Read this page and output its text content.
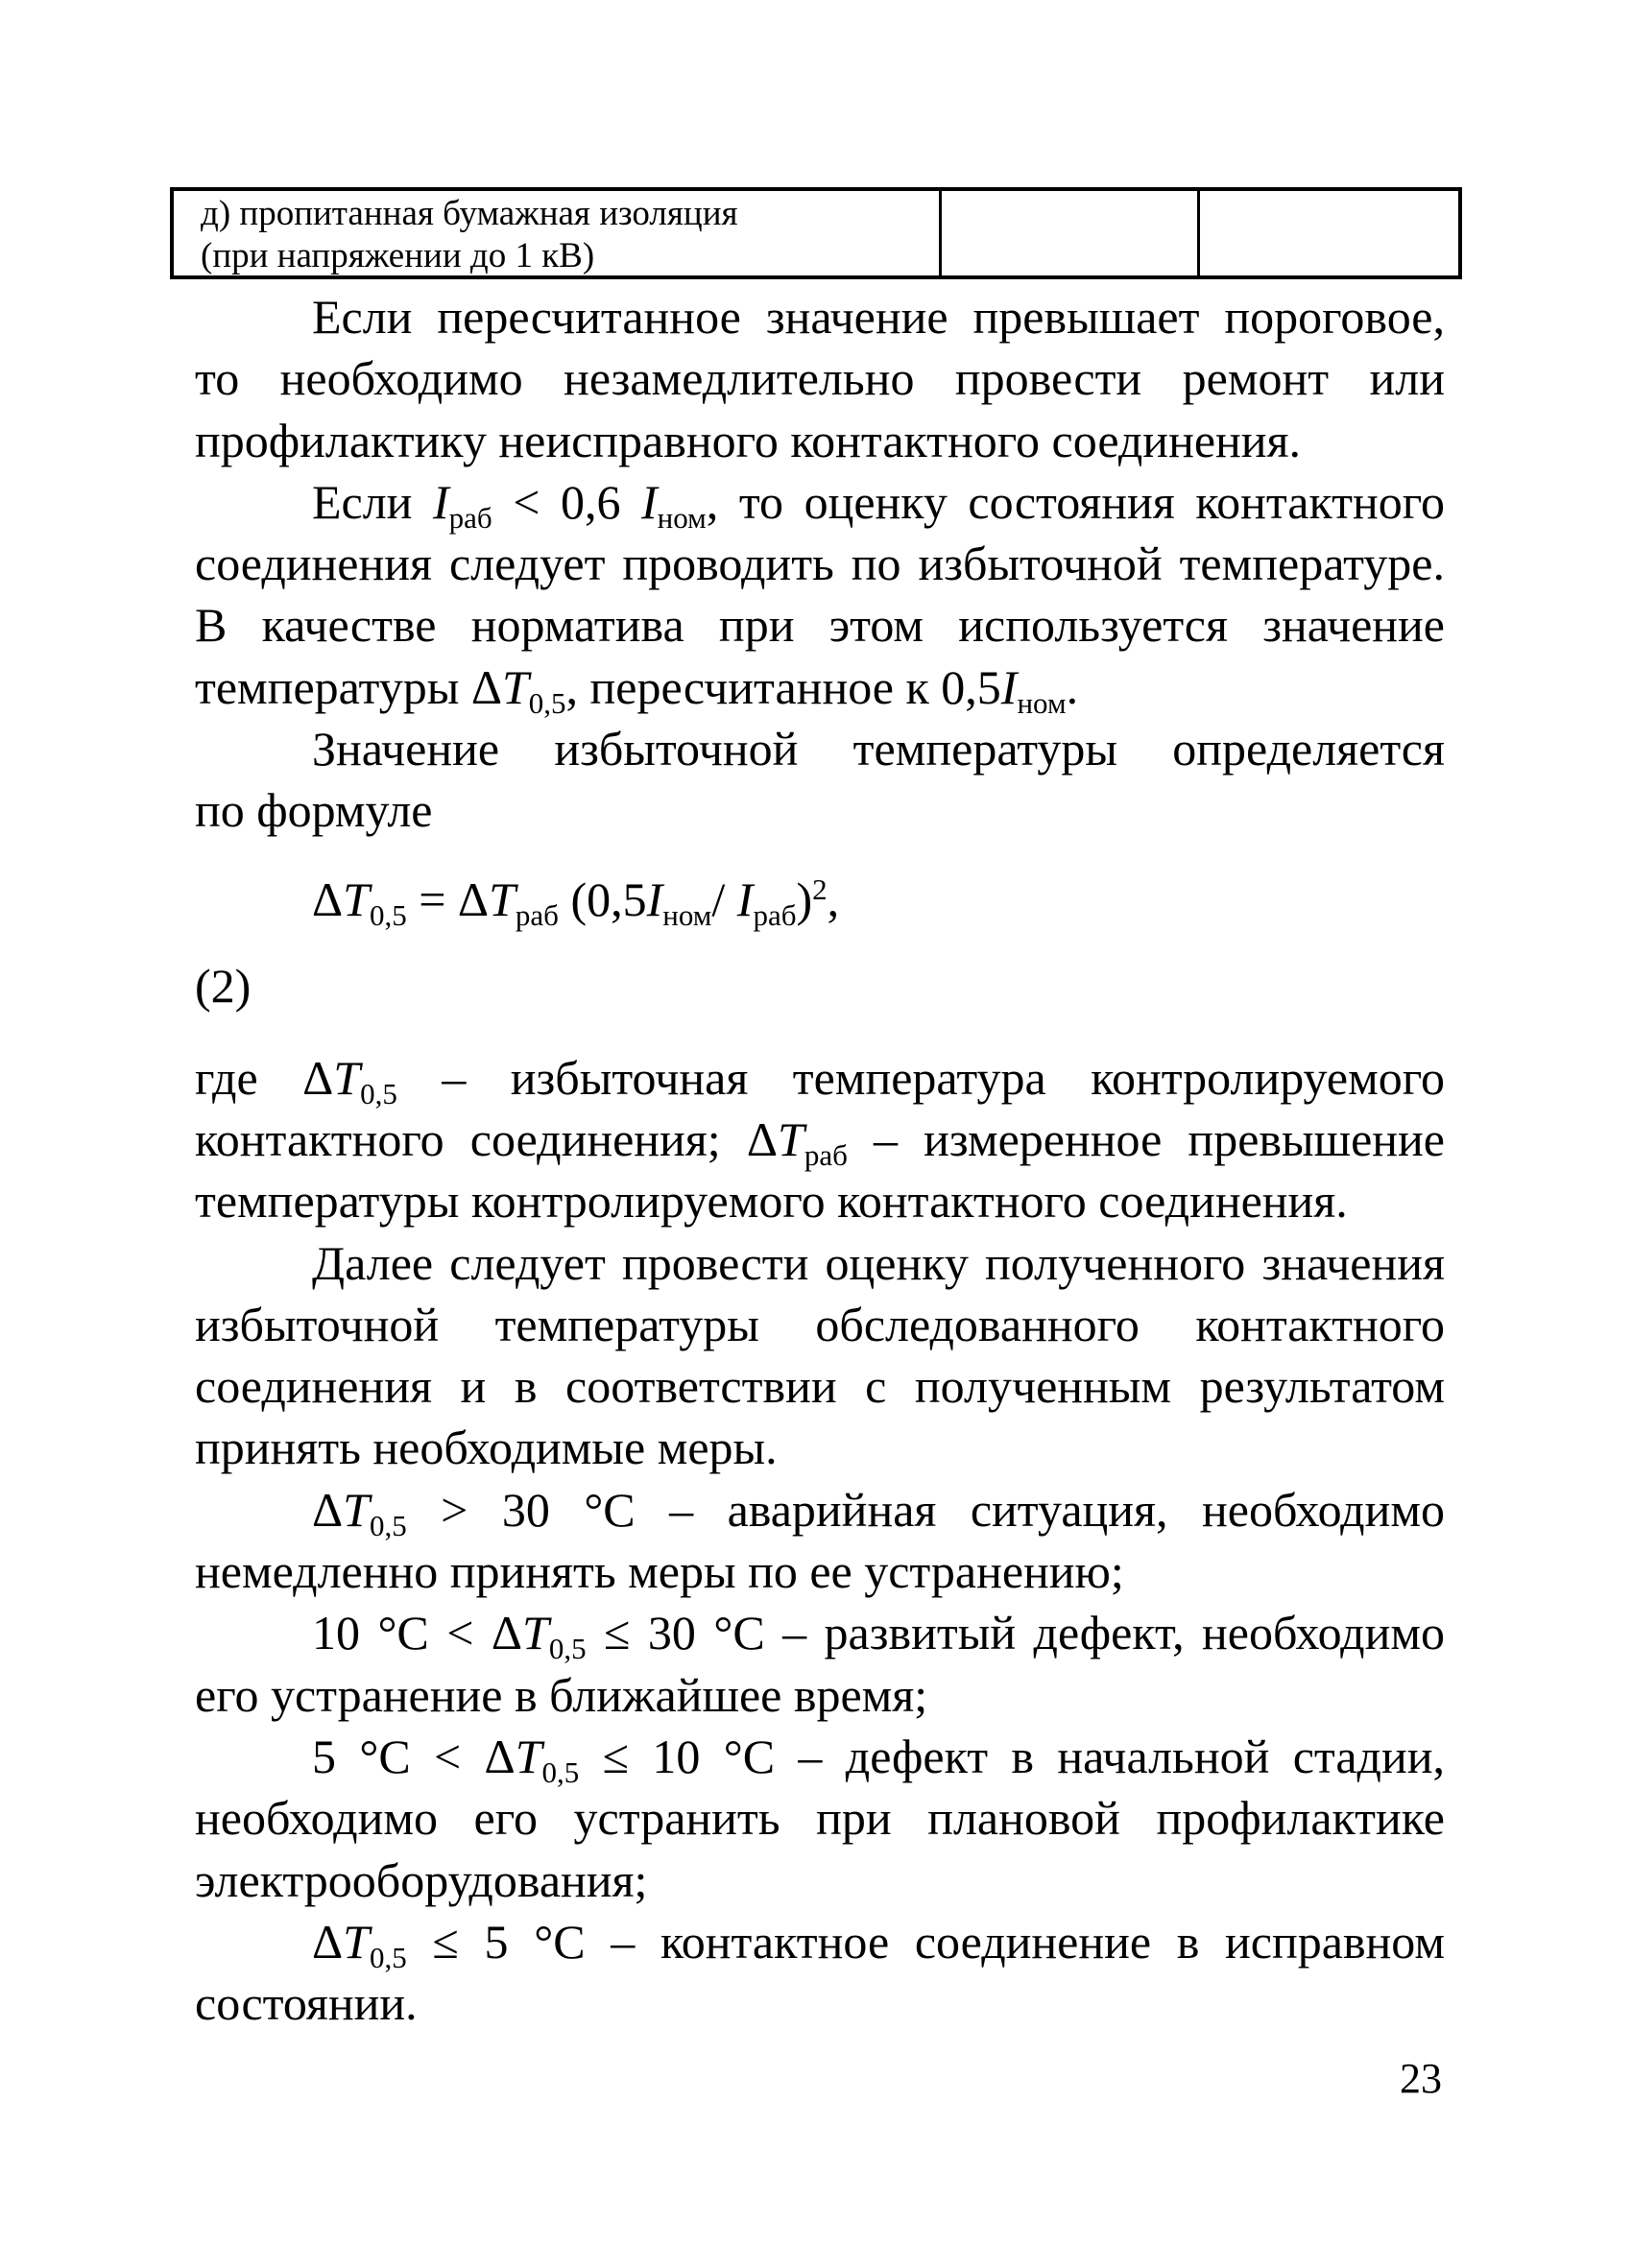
д) пропитанная бумажная изоляция
(при напряжении до 1 кВ)

Если пересчитанное значение превышает пороговое, то необходимо незамедлительно провести ремонт или профилактику неисправного контактного соединения.

Если $I_{раб} < 0,6$ $I_{ном}$, то оценку состояния контактного соединения следует проводить по избыточной температуре. В качестве норматива при этом используется значение температуры $\Delta T_{0,5}$, пересчитанное к $0,5I_{ном}$.

Значение избыточной температуры определяется
по формуле

$\Delta T_{0,5} = \Delta T_{раб}$ ($0,5I_{ном}/$ $I_{раб})^2$,

(2)

где $\Delta T_{0,5}$ – избыточная температура контролируемого контактного соединения; $\Delta T_{раб}$ – измеренное превышение температуры контролируемого контактного соединения.

Далее следует провести оценку полученного значения избыточной температуры обследованного контактного соединения и в соответствии с полученным результатом принять необходимые меры.

$\Delta T_{0,5} > 30$ °C – аварийная ситуация, необходимо немедленно принять меры по ее устранению;

10 $^\circ C < \Delta T_{0,5} \le 30$ °C – развитый дефект, необходимо его устранение в ближайшее время;

5 $^\circ C < \Delta T_{0,5} \le 10$ °C – дефект в начальной стадии, необходимо его устранить при плановой профилактике электрооборудования;

$\Delta T_{0,5} \le 5$ °C – контактное соединение в исправном состоянии.

23
